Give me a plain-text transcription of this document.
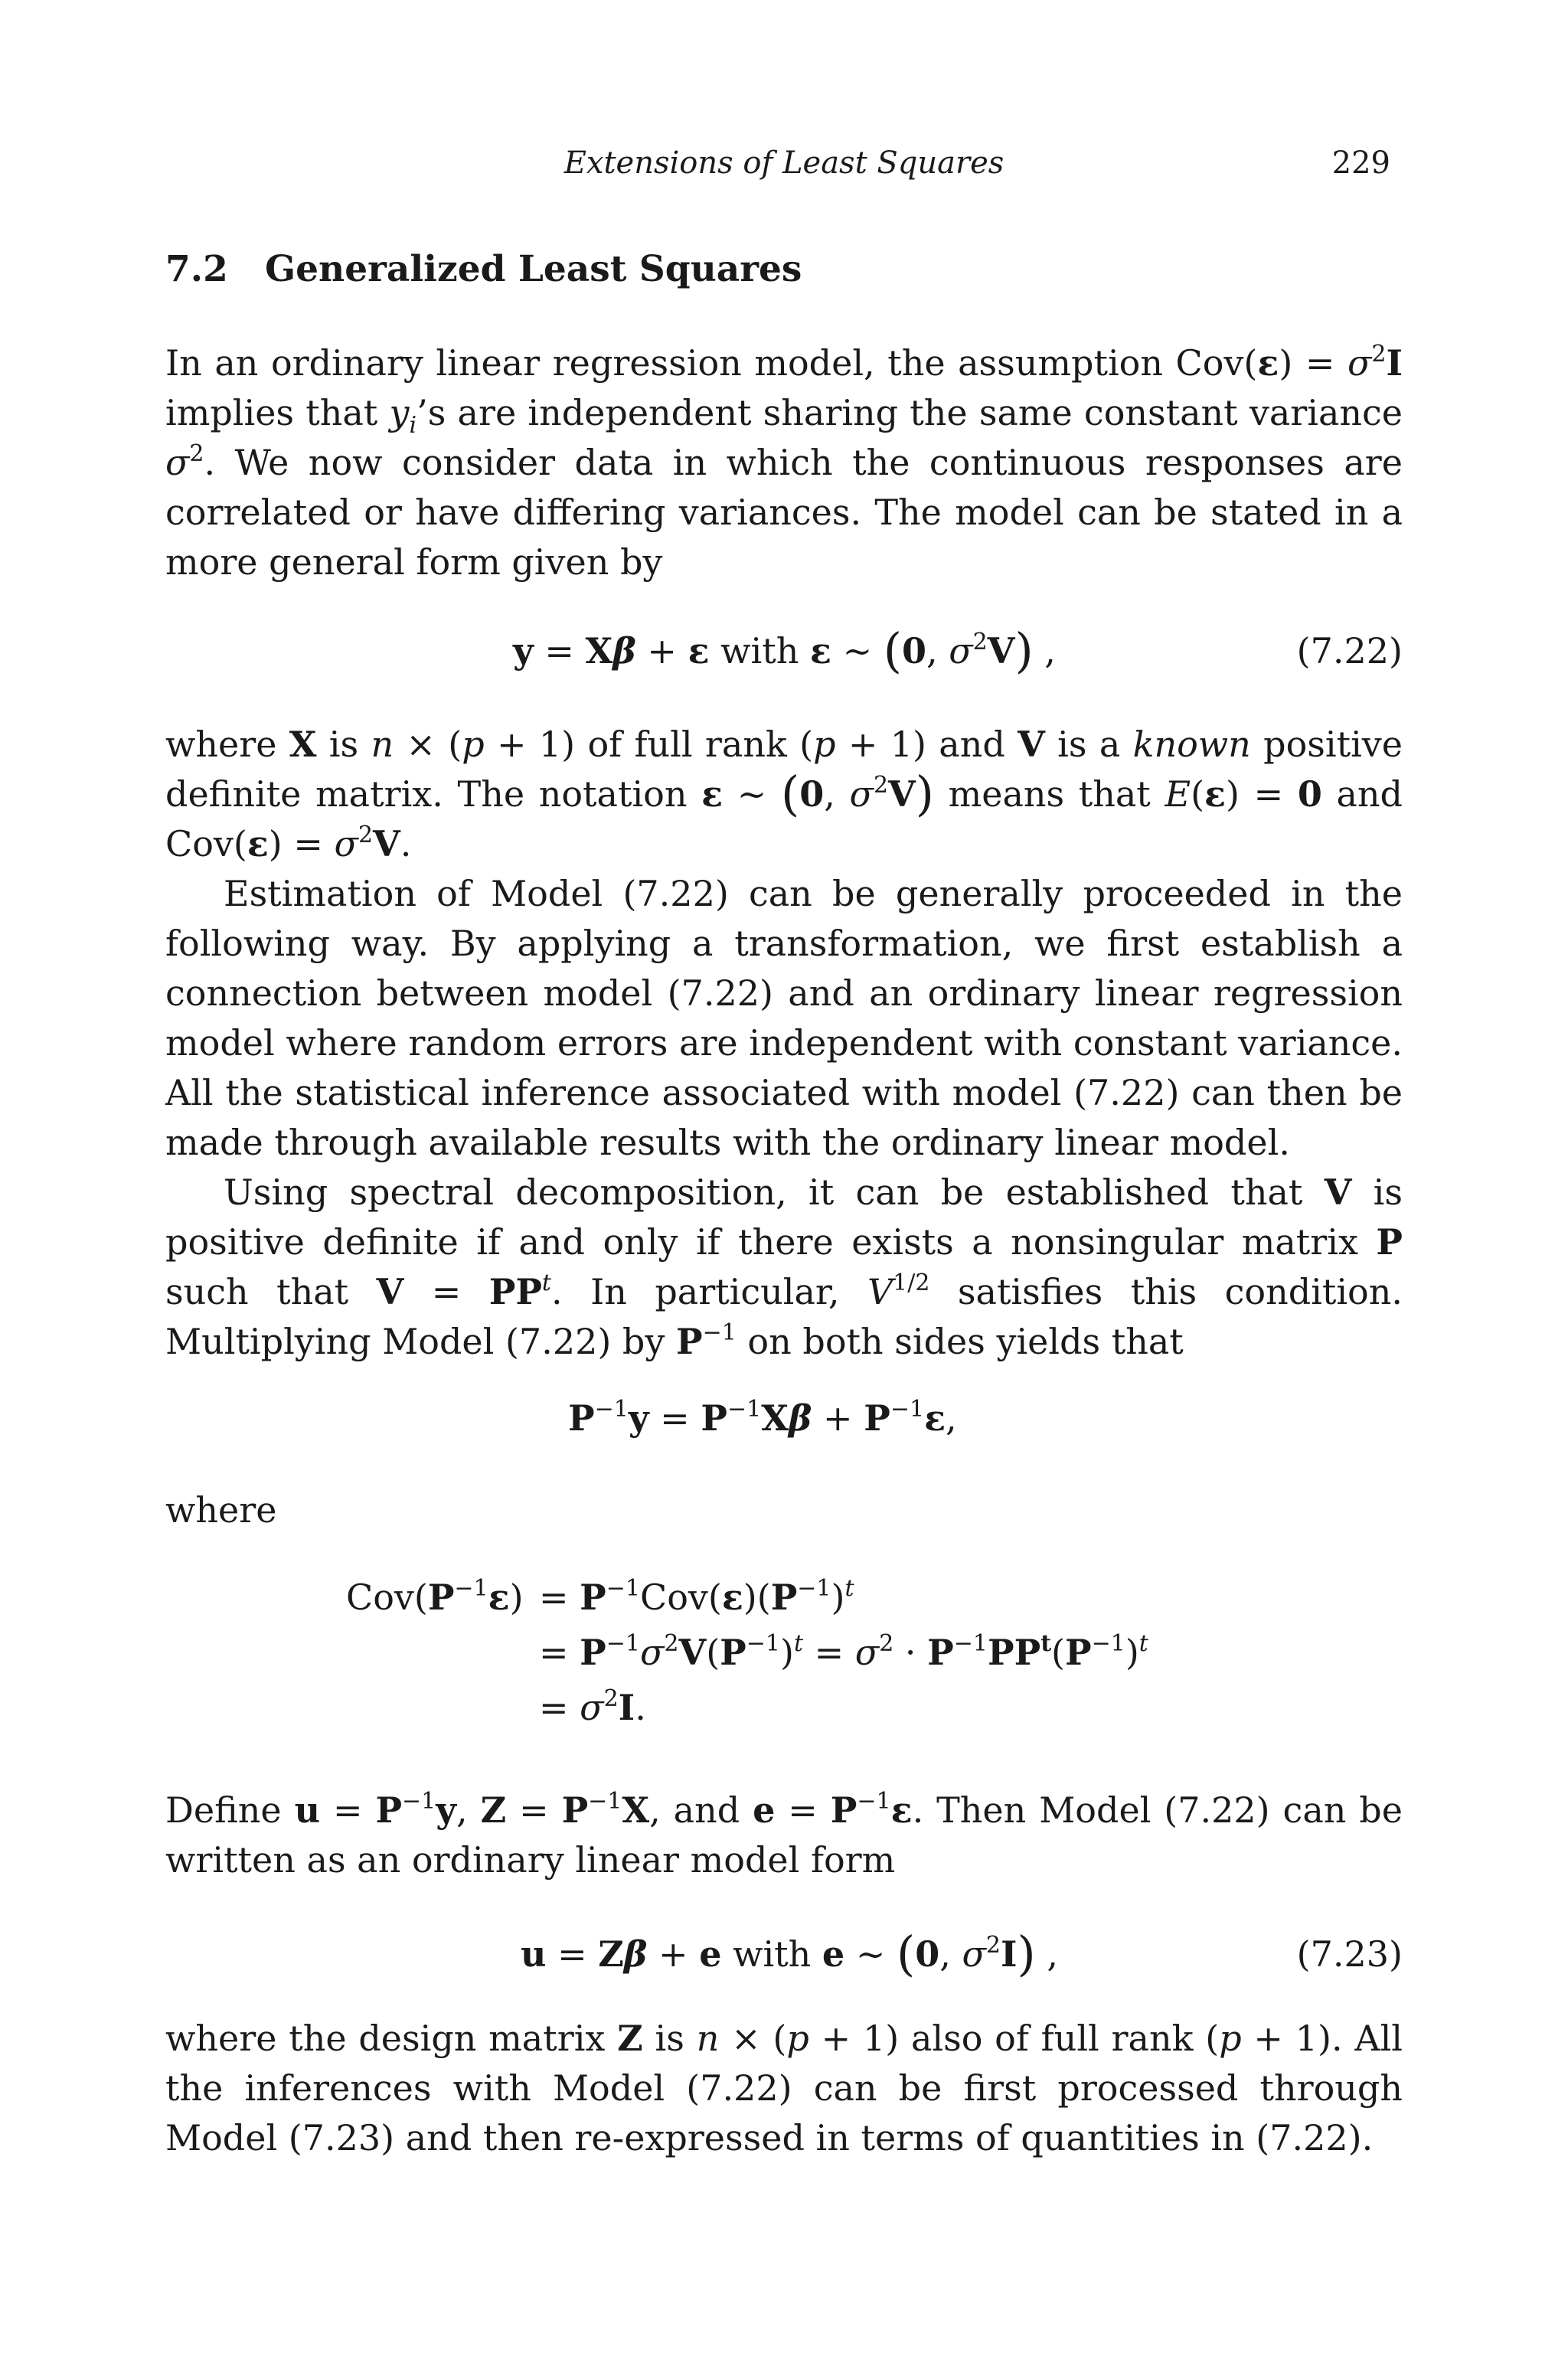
Extensions of Least Squares	229
7.2 Generalized Least Squares

In an ordinary linear regression model, the assumption $Cov(\varepsilon) = \sigma^2I$ implies that $y_i’s$ are independent sharing the same constant variance $\sigma^2$. We now consider data in which the continuous responses are correlated or have differing variances. The model can be stated in a more general form given by

y = Xβ + ε with ε ∼ (0, $\sigma^2V$) ,	(7.22)

where X is n × (p + 1) of full rank (p + 1) and V is a known positive definite matrix. The notation ε ∼ (0, $\sigma^2V$) means that E(ε) = 0 and $Cov(\varepsilon) = \sigma^2V$.

Estimation of Model (7.22) can be generally proceeded in the following way. By applying a transformation, we first establish a connection between model (7.22) and an ordinary linear regression model where random errors are independent with constant variance. All the statistical inference associated with model (7.22) can then be made through available results with the ordinary linear model.

Using spectral decomposition, it can be established that V is positive definite if and only if there exists a nonsingular matrix P such that $V = PP^t$. In particular, $V^{1/2}$ satisfies this condition. Multiplying Model (7.22) by $P^{-1}$ on both sides yields that

$P^{-1}y = P^{-1}X\beta + P^{-1}\varepsilon$,
where
$Cov(P^{-1}\varepsilon) = P^{-1}Cov(\varepsilon)(P^{-1})^t$
= $P^{-1}\sigma^2V(P^{-1})^t = \sigma^2 \cdot P^{-1}PP^t(P^{-1})^t$
= $\sigma^2I$.

Define $u = P^{-1}y$, $Z = P^{-1}X$, and $e = P^{-1}\varepsilon$. Then Model (7.22) can be written as an ordinary linear model form

u = Zβ + e with e ∼ (0, $\sigma^2I$) ,	(7.23)

where the design matrix Z is n × (p + 1) also of full rank (p + 1). All the inferences with Model (7.22) can be first processed through Model (7.23) and then re-expressed in terms of quantities in (7.22).
